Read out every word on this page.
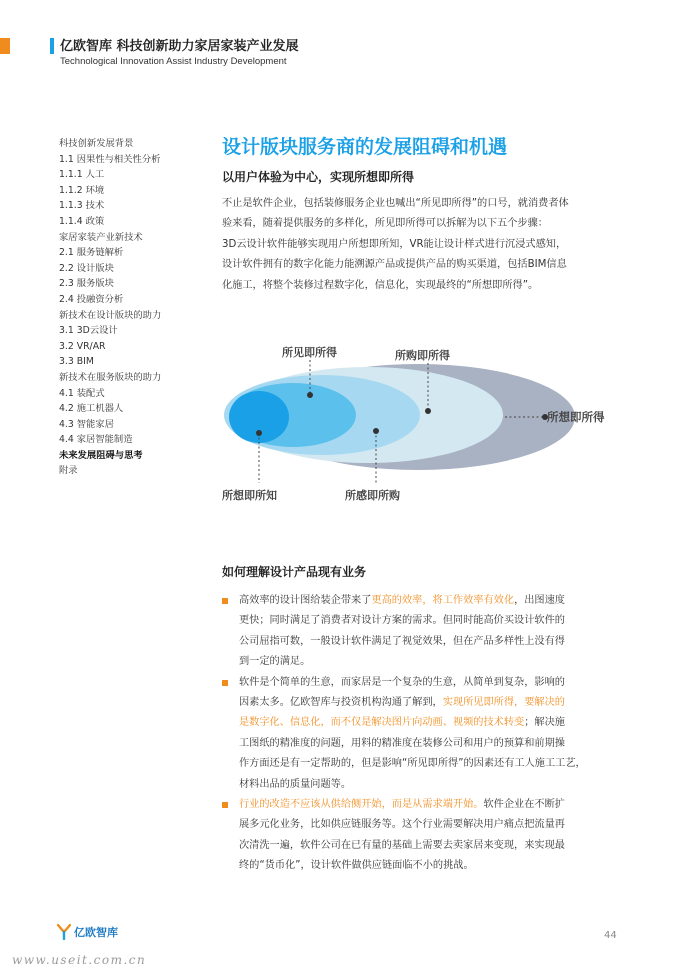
亿欧智库 科技创新助力家居家装产业发展
Technological Innovation Assist Industry Development
科技创新发展背景
1.1 因果性与相关性分析
1.1.1 人工
1.1.2 环境
1.1.3 技术
1.1.4 政策
家居家装产业新技术
2.1 服务链解析
2.2 设计版块
2.3 服务版块
2.4 投融资分析
新技术在设计版块的助力
3.1 3D云设计
3.2 VR/AR
3.3 BIM
新技术在服务版块的助力
4.1 装配式
4.2 施工机器人
4.3 智能家居
4.4 家居智能制造
未来发展阻碍与思考
附录
设计版块服务商的发展阻碍和机遇
以用户体验为中心，实现所想即所得
不止是软件企业，包括装修服务企业也喊出“所见即所得”的口号，就消费者体
验来看，随着提供服务的多样化，所见即所得可以拆解为以下五个步骤：
3D云设计软件能够实现用户所想即所知，VR能让设计样式进行沉浸式感知，
设计软件拥有的数字化能力能溯源产品或提供产品的购买渠道，包括BIM信息
化施工，将整个装修过程数字化，信息化，实现最终的“所想即所得”。
所见即所得	所购即所得
所想即所得
所想即所知	所感即所购
如何理解设计产品现有业务
高效率的设计图给装企带来了更高的效率，将工作效率有效化，出图速度
更快；同时满足了消费者对设计方案的需求。但同时能高价买设计软件的
公司屈指可数，一般设计软件满足了视觉效果，但在产品多样性上没有得
到一定的满足。
软件是个简单的生意，而家居是一个复杂的生意，从简单到复杂，影响的
因素太多。亿欧智库与投资机构沟通了解到，实现所见即所得，要解决的
是数字化、信息化，而不仅是解决图片向动画、视频的技术转变；解决施
工图纸的精准度的问题，用料的精准度在装修公司和用户的预算和前期操
作方面还是有一定帮助的，但是影响“所见即所得”的因素还有工人施工工艺，
材料出品的质量问题等。
行业的改造不应该从供给侧开始，而是从需求端开始。软件企业在不断扩
展多元化业务，比如供应链服务等。这个行业需要解决用户痛点把流量再
次清洗一遍，软件公司在已有量的基础上需要去卖家居来变现，来实现最
终的“货币化”，设计软件做供应链面临不小的挑战。
亿欧智库	44
www.useit.com.cn
